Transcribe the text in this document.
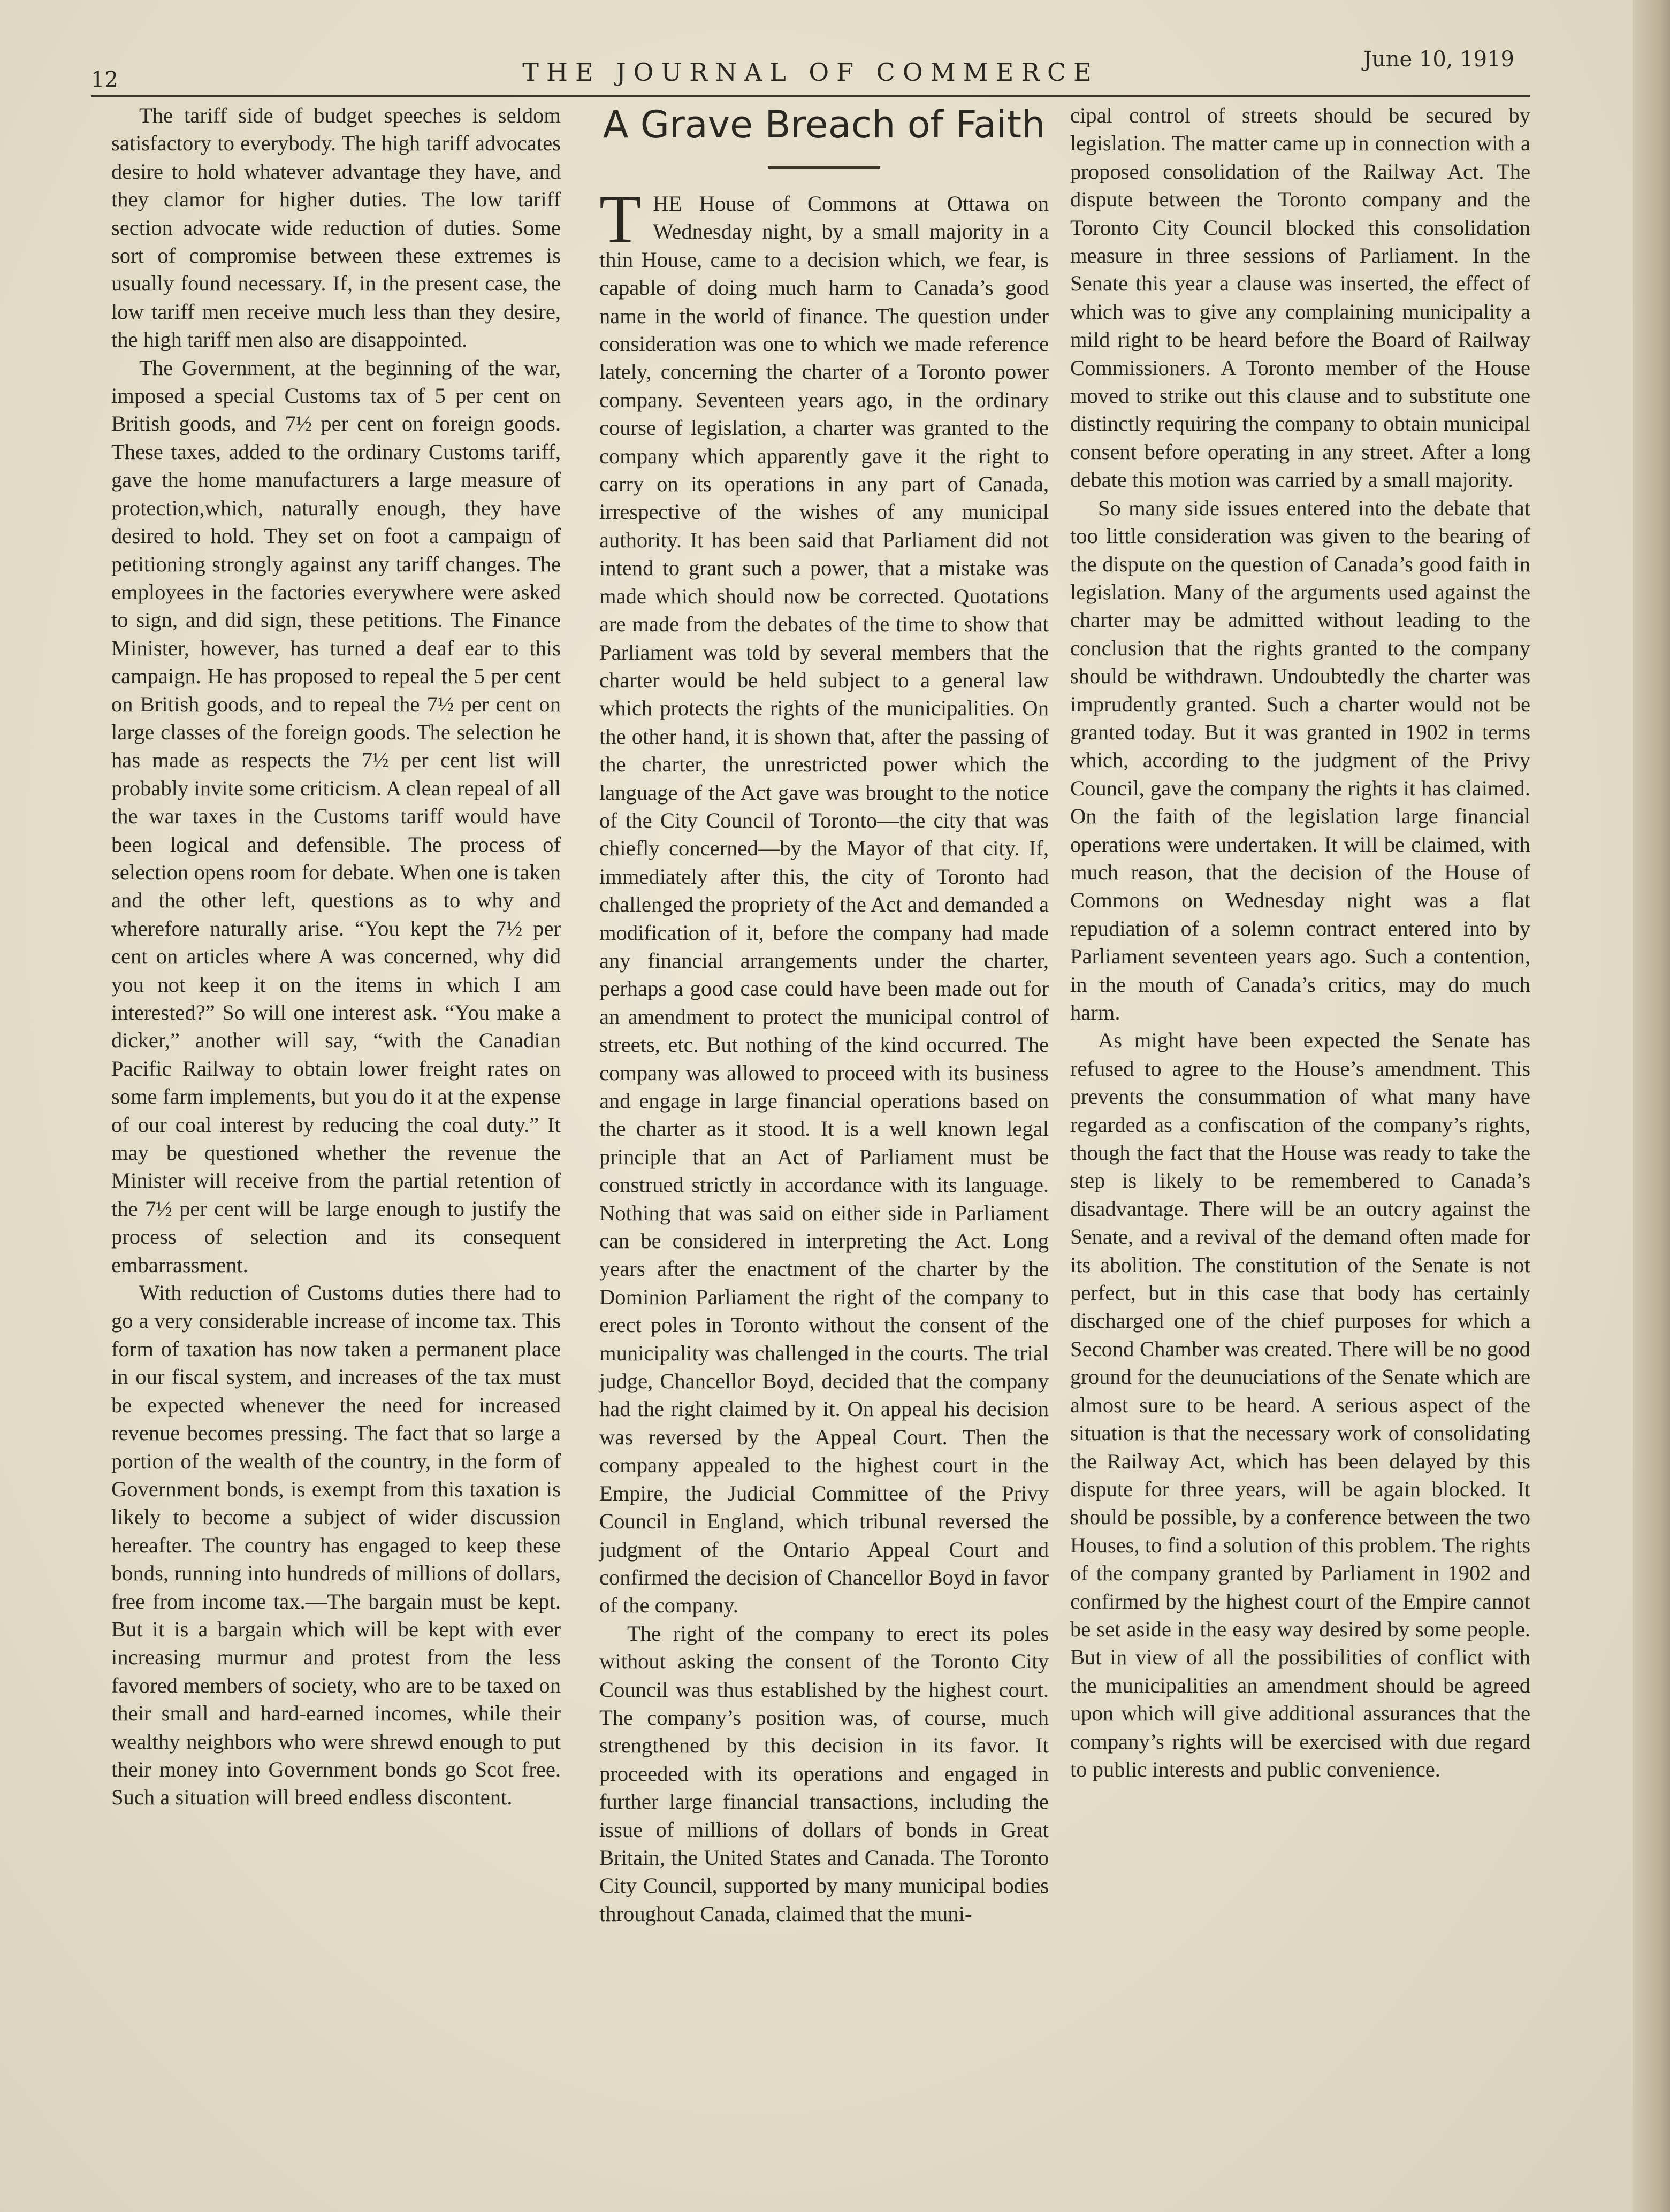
12	THE JOURNAL OF COMMERCE	June 10, 1919

The tariff side of budget speeches is seldom satisfactory to everybody. The high tariff advocates desire to hold whatever advantage they have, and they clamor for higher duties. The low tariff section advocate wide reduction of duties. Some sort of compromise between these extremes is usually found necessary. If, in the present case, the low tariff men receive much less than they desire, the high tariff men also are disappointed.

The Government, at the beginning of the war, imposed a special Customs tax of 5 per cent on British goods, and 7½ per cent on foreign goods. These taxes, added to the ordinary Customs tariff, gave the home manufacturers a large measure of protection,which, naturally enough, they have desired to hold. They set on foot a campaign of petitioning strongly against any tariff changes. The employees in the factories everywhere were asked to sign, and did sign, these petitions. The Finance Minister, however, has turned a deaf ear to this campaign. He has proposed to repeal the 5 per cent on British goods, and to repeal the 7½ per cent on large classes of the foreign goods. The selection he has made as respects the 7½ per cent list will probably invite some criticism. A clean repeal of all the war taxes in the Customs tariff would have been logical and defensible. The process of selection opens room for debate. When one is taken and the other left, questions as to why and wherefore naturally arise. “You kept the 7½ per cent on articles where A was concerned, why did you not keep it on the items in which I am interested?” So will one interest ask. “You make a dicker,” another will say, “with the Canadian Pacific Railway to obtain lower freight rates on some farm implements, but you do it at the expense of our coal interest by reducing the coal duty.” It may be questioned whether the revenue the Minister will receive from the partial retention of the 7½ per cent will be large enough to justify the process of selection and its consequent embarrassment.

With reduction of Customs duties there had to go a very considerable increase of income tax. This form of taxation has now taken a permanent place in our fiscal system, and increases of the tax must be expected whenever the need for increased revenue becomes pressing. The fact that so large a portion of the wealth of the country, in the form of Government bonds, is exempt from this taxation is likely to become a subject of wider discussion hereafter. The country has engaged to keep these bonds, running into hundreds of millions of dollars, free from income tax.—The bargain must be kept. But it is a bargain which will be kept with ever increasing murmur and protest from the less favored members of society, who are to be taxed on their small and hard-earned incomes, while their wealthy neighbors who were shrewd enough to put their money into Government bonds go Scot free. Such a situation will breed endless discontent.

A Grave Breach of Faith

THE House of Commons at Ottawa on Wednesday night, by a small majority in a thin House, came to a decision which, we fear, is capable of doing much harm to Canada’s good name in the world of finance. The question under consideration was one to which we made reference lately, concerning the charter of a Toronto power company. Seventeen years ago, in the ordinary course of legislation, a charter was granted to the company which apparently gave it the right to carry on its operations in any part of Canada, irrespective of the wishes of any municipal authority. It has been said that Parliament did not intend to grant such a power, that a mistake was made which should now be corrected. Quotations are made from the debates of the time to show that Parliament was told by several members that the charter would be held subject to a general law which protects the rights of the municipalities. On the other hand, it is shown that, after the passing of the charter, the unrestricted power which the language of the Act gave was brought to the notice of the City Council of Toronto—the city that was chiefly concerned—by the Mayor of that city. If, immediately after this, the city of Toronto had challenged the propriety of the Act and demanded a modification of it, before the company had made any financial arrangements under the charter, perhaps a good case could have been made out for an amendment to protect the municipal control of streets, etc. But nothing of the kind occurred. The company was allowed to proceed with its business and engage in large financial operations based on the charter as it stood. It is a well known legal principle that an Act of Parliament must be construed strictly in accordance with its language. Nothing that was said on either side in Parliament can be considered in interpreting the Act. Long years after the enactment of the charter by the Dominion Parliament the right of the company to erect poles in Toronto without the consent of the municipality was challenged in the courts. The trial judge, Chancellor Boyd, decided that the company had the right claimed by it. On appeal his decision was reversed by the Appeal Court. Then the company appealed to the highest court in the Empire, the Judicial Committee of the Privy Council in England, which tribunal reversed the judgment of the Ontario Appeal Court and confirmed the decision of Chancellor Boyd in favor of the company.

The right of the company to erect its poles without asking the consent of the Toronto City Council was thus established by the highest court. The company’s position was, of course, much strengthened by this decision in its favor. It proceeded with its operations and engaged in further large financial transactions, including the issue of millions of dollars of bonds in Great Britain, the United States and Canada. The Toronto City Council, supported by many municipal bodies throughout Canada, claimed that the muni-

cipal control of streets should be secured by legislation. The matter came up in connection with a proposed consolidation of the Railway Act. The dispute between the Toronto company and the Toronto City Council blocked this consolidation measure in three sessions of Parliament. In the Senate this year a clause was inserted, the effect of which was to give any complaining municipality a mild right to be heard before the Board of Railway Commissioners. A Toronto member of the House moved to strike out this clause and to substitute one distinctly requiring the company to obtain municipal consent before operating in any street. After a long debate this motion was carried by a small majority.

So many side issues entered into the debate that too little consideration was given to the bearing of the dispute on the question of Canada’s good faith in legislation. Many of the arguments used against the charter may be admitted without leading to the conclusion that the rights granted to the company should be withdrawn. Undoubtedly the charter was imprudently granted. Such a charter would not be granted today. But it was granted in 1902 in terms which, according to the judgment of the Privy Council, gave the company the rights it has claimed. On the faith of the legislation large financial operations were undertaken. It will be claimed, with much reason, that the decision of the House of Commons on Wednesday night was a flat repudiation of a solemn contract entered into by Parliament seventeen years ago. Such a contention, in the mouth of Canada’s critics, may do much harm.

As might have been expected the Senate has refused to agree to the House’s amendment. This prevents the consummation of what many have regarded as a confiscation of the company’s rights, though the fact that the House was ready to take the step is likely to be remembered to Canada’s disadvantage. There will be an outcry against the Senate, and a revival of the demand often made for its abolition. The constitution of the Senate is not perfect, but in this case that body has certainly discharged one of the chief purposes for which a Second Chamber was created. There will be no good ground for the deunuciations of the Senate which are almost sure to be heard. A serious aspect of the situation is that the necessary work of consolidating the Railway Act, which has been delayed by this dispute for three years, will be again blocked. It should be possible, by a conference between the two Houses, to find a solution of this problem. The rights of the company granted by Parliament in 1902 and confirmed by the highest court of the Empire cannot be set aside in the easy way desired by some people. But in view of all the possibilities of conflict with the municipalities an amendment should be agreed upon which will give additional assurances that the company’s rights will be exercised with due regard to public interests and public convenience.
